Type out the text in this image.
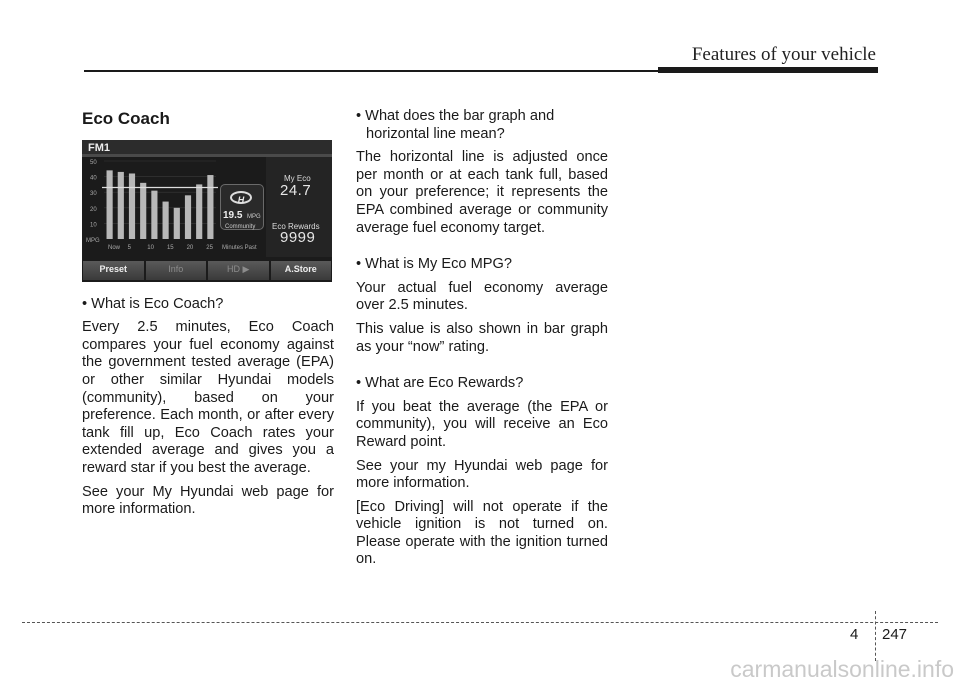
Features of your vehicle
Eco Coach
FM1
50
40
30
20
10
MPG
Now 5	10 15 20 25 Minutes Past
H
19.5 MPG
Community
My Eco
24.7
Eco Rewards
9999
Preset	Info	HD ▶	A.Store
• What is Eco Coach?
Every 2.5 minutes, Eco Coach compares your fuel economy against the government tested average (EPA) or other similar Hyundai models (community), based on your preference. Each month, or after every tank fill up, Eco Coach rates your extended average and gives you a reward star if you best the average.
See your My Hyundai web page for more information.
• What does the bar graph and horizontal line mean?
The horizontal line is adjusted once per month or at each tank full, based on your preference; it represents the EPA combined average or community average fuel economy target.
• What is My Eco MPG?
Your actual fuel economy average over 2.5 minutes.
This value is also shown in bar graph as your “now” rating.
• What are Eco Rewards?
If you beat the average (the EPA or community), you will receive an Eco Reward point.
See your my Hyundai web page for more information.
[Eco Driving] will not operate if the vehicle ignition is not turned on. Please operate with the ignition turned on.
4 247
carmanualsonline.info
